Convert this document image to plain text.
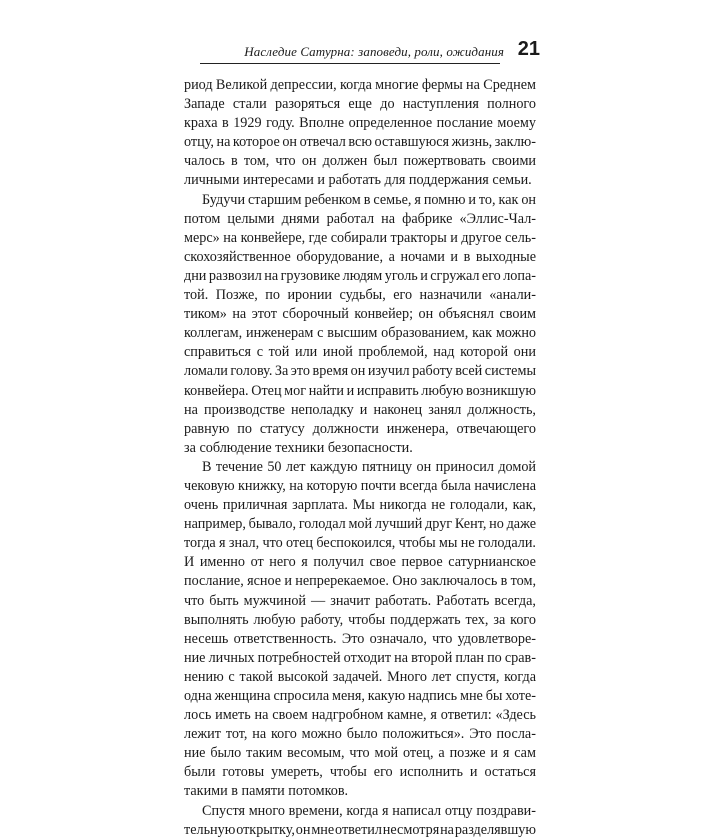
Наследие Сатурна: заповеди, роли, ожидания 21
риод Великой депрессии, когда многие фермы на Среднем
Западе стали разоряться еще до наступления полного
краха в 1929 году. Вполне определенное послание моему
отцу, на которое он отвечал всю оставшуюся жизнь, заклю-
чалось в том, что он должен был пожертвовать своими
личными интересами и работать для поддержания семьи.
Будучи старшим ребенком в семье, я помню и то, как он
потом целыми днями работал на фабрике «Эллис-Чал-
мерс» на конвейере, где собирали тракторы и другое сель-
скохозяйственное оборудование, а ночами и в выходные
дни развозил на грузовике людям уголь и сгружал его лопа-
той. Позже, по иронии судьбы, его назначили «анали-
тиком» на этот сборочный конвейер; он объяснял своим
коллегам, инженерам с высшим образованием, как можно
справиться с той или иной проблемой, над которой они
ломали голову. За это время он изучил работу всей системы
конвейера. Отец мог найти и исправить любую возникшую
на производстве неполадку и наконец занял должность,
равную по статусу должности инженера, отвечающего
за соблюдение техники безопасности.
В течение 50 лет каждую пятницу он приносил домой
чековую книжку, на которую почти всегда была начислена
очень приличная зарплата. Мы никогда не голодали, как,
например, бывало, голодал мой лучший друг Кент, но даже
тогда я знал, что отец беспокоился, чтобы мы не голодали.
И именно от него я получил свое первое сатурнианское
послание, ясное и непререкаемое. Оно заключалось в том,
что быть мужчиной — значит работать. Работать всегда,
выполнять любую работу, чтобы поддержать тех, за кого
несешь ответственность. Это означало, что удовлетворе-
ние личных потребностей отходит на второй план по срав-
нению с такой высокой задачей. Много лет спустя, когда
одна женщина спросила меня, какую надпись мне бы хоте-
лось иметь на своем надгробном камне, я ответил: «Здесь
лежит тот, на кого можно было положиться». Это посла-
ние было таким весомым, что мой отец, а позже и я сам
были готовы умереть, чтобы его исполнить и остаться
такими в памяти потомков.
Спустя много времени, когда я написал отцу поздрави-
тельную открытку, он мне ответил несмотря на разделявшую
